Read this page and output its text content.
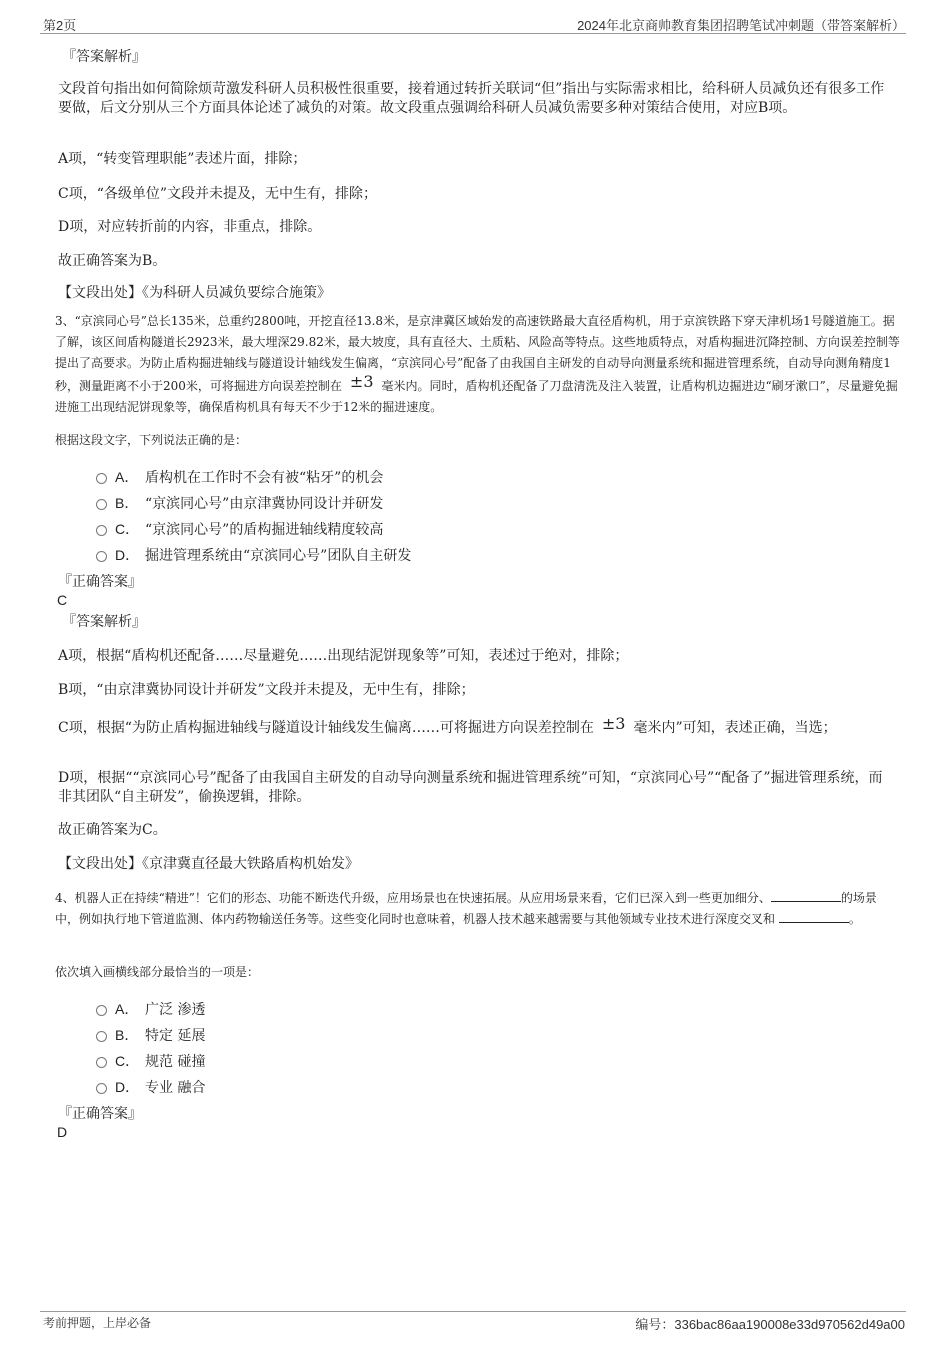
第2页	2024年北京商帅教育集团招聘笔试冲刺题（带答案解析）
『答案解析』
文段首句指出如何简除烦苛激发科研人员积极性很重要，接着通过转折关联词“但”指出与实际需求相比，给科研人员减负还有很多工作要做，后文分别从三个方面具体论述了减负的对策。故文段重点强调给科研人员减负需要多种对策结合使用，对应B项。
A项，“转变管理职能”表述片面，排除；
C项，“各级单位”文段并未提及，无中生有，排除；
D项，对应转折前的内容，非重点，排除。
故正确答案为B。
【文段出处】《为科研人员减负要综合施策》
3、“京滨同心号”总长135米，总重约2800吨，开挖直径13.8米，是京津冀区域始发的高速铁路最大直径盾构机，用于京滨铁路下穿天津机场1号隧道施工。据了解，该区间盾构隧道长2923米，最大埋深29.82米，最大坡度，具有直径大、土质粘、风险高等特点。这些地质特点，对盾构掘进沉降控制、方向误差控制等提出了高要求。为防止盾构掘进轴线与隧道设计轴线发生偏离，“京滨同心号”配备了由我国自主研发的自动导向测量系统和掘进管理系统，自动导向测角精度1秒，测量距离不小于200米，可将掘进方向误差控制在 ±3 毫米内。同时，盾构机还配备了刀盘清洗及注入装置，让盾构机边掘进边“刷牙漱口”，尽量避免掘进施工出现结泥饼现象等，确保盾构机具有每天不少于12米的掘进速度。
根据这段文字，下列说法正确的是：
A． 盾构机在工作时不会有被“粘牙”的机会
B． “京滨同心号”由京津冀协同设计并研发
C． “京滨同心号”的盾构掘进轴线精度较高
D． 掘进管理系统由“京滨同心号”团队自主研发
『正确答案』
C
『答案解析』
A项，根据“盾构机还配备……尽量避免……出现结泥饼现象等”可知，表述过于绝对，排除；
B项，“由京津冀协同设计并研发”文段并未提及，无中生有，排除；
C项，根据“为防止盾构掘进轴线与隧道设计轴线发生偏离……可将掘进方向误差控制在 ±3 毫米内”可知，表述正确，当选；
D项，根据““京滨同心号”配备了由我国自主研发的自动导向测量系统和掘进管理系统”可知，“京滨同心号”“配备了”掘进管理系统，而非其团队“自主研发”，偷换逻辑，排除。
故正确答案为C。
【文段出处】《京津冀直径最大铁路盾构机始发》
4、机器人正在持续“精进”！它们的形态、功能不断迭代升级，应用场景也在快速拓展。从应用场景来看，它们已深入到一些更加细分、	的场景中，例如执行地下管道监测、体内药物输送任务等。这些变化同时也意味着，机器人技术越来越需要与其他领域专业技术进行深度交叉和	。
依次填入画横线部分最恰当的一项是：
A． 广泛 渗透
B． 特定 延展
C． 规范 碰撞
D． 专业 融合
『正确答案』
D
考前押题，上岸必备	编号：336bac86aa190008e33d970562d49a00
